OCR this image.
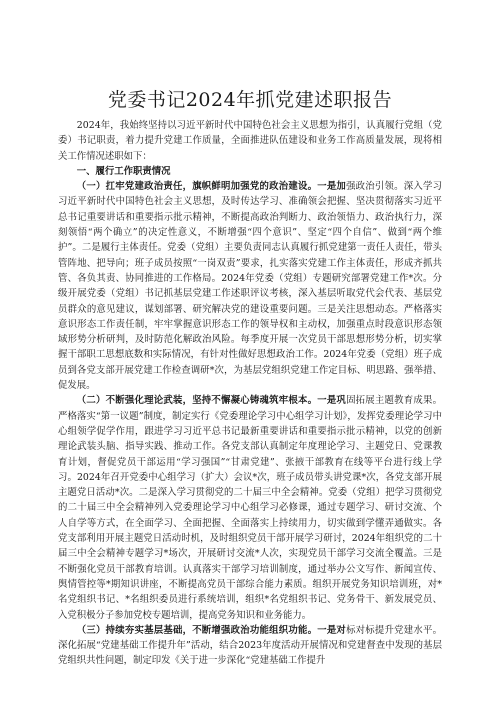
党委书记2024年抓党建述职报告

2024年，我始终坚持以习近平新时代中国特色社会主义思想为指引，认真履行党组（党委）书记职责，着力提升党建工作质量，全面推进队伍建设和业务工作高质量发展，现将相关工作情况述职如下：

一、履行工作职责情况

（一）扛牢党建政治责任，旗帜鲜明加强党的政治建设。一是加强政治引领。深入学习习近平新时代中国特色社会主义思想，及时传达学习、准确领会把握、坚决贯彻落实习近平总书记重要讲话和重要指示批示精神，不断提高政治判断力、政治领悟力、政治执行力，深刻领悟“两个确立”的决定性意义，不断增强“四个意识”、坚定“四个自信”、做到“两个维护”。二是履行主体责任。党委（党组）主要负责同志认真履行抓党建第一责任人责任，带头管阵地、把导向；班子成员按照“一岗双责”要求，扎实落实党建工作主体责任，形成齐抓共管、各负其责、协同推进的工作格局。2024年党委（党组）专题研究部署党建工作*次。分级开展党委（党组）书记抓基层党建工作述职评议考核，深入基层听取党代会代表、基层党员群众的意见建议，谋划部署、研究解决党的建设重要问题。三是关注思想动态。严格落实意识形态工作责任制，牢牢掌握意识形态工作的领导权和主动权，加强重点时段意识形态领域形势分析研判，及时防范化解政治风险。每季度开展一次党员干部思想形势分析，切实掌握干部职工思想底数和实际情况，有针对性做好思想政治工作。2024年党委（党组）班子成员到各党支部开展党建工作检查调研*次，为基层党组织党建工作定目标、明思路、强举措、促发展。

（二）不断强化理论武装，坚持不懈凝心铸魂筑牢根本。一是巩固拓展主题教育成果。严格落实“第一议题”制度，制定实行《党委理论学习中心组学习计划》，发挥党委理论学习中心组领学促学作用，跟进学习习近平总书记最新重要讲话和重要指示批示精神，以党的创新理论武装头脑、指导实践、推动工作。各党支部认真制定年度理论学习、主题党日、党课教育计划，督促党员干部运用“学习强国”“甘肃党建”、张掖干部教育在线等平台进行线上学习。2024年召开党委中心组学习（扩大）会议*次，班子成员带头讲党课*次，各党支部开展主题党日活动*次。二是深入学习贯彻党的二十届三中全会精神。党委（党组）把学习贯彻党的二十届三中全会精神列入党委理论学习中心组学习必修课，通过专题学习、研讨交流、个人自学等方式，在全面学习、全面把握、全面落实上持续用力，切实做到学懂弄通做实。各党支部利用开展主题党日活动时机，及时组织党员干部开展学习研讨，2024年组织党的二十届三中全会精神专题学习*场次，开展研讨交流*人次，实现党员干部学习交流全覆盖。三是不断强化党员干部教育培训。认真落实干部学习培训制度，通过举办公文写作、新闻宣传、舆情管控等*期知识讲座，不断提高党员干部综合能力素质。组织开展党务知识培训班，对*名党组织书记、*名组织委员进行系统培训，组织*名党组织书记、党务骨干、新发展党员、入党积极分子参加党校专题培训，提高党务知识和业务能力。

（三）持续夯实基层基础，不断增强政治功能组织功能。一是对标对标提升党建水平。深化拓展“党建基础工作提升年”活动，结合2023年度活动开展情况和党建督查中发现的基层党组织共性问题，制定印发《关于进一步深化“党建基础工作提升
